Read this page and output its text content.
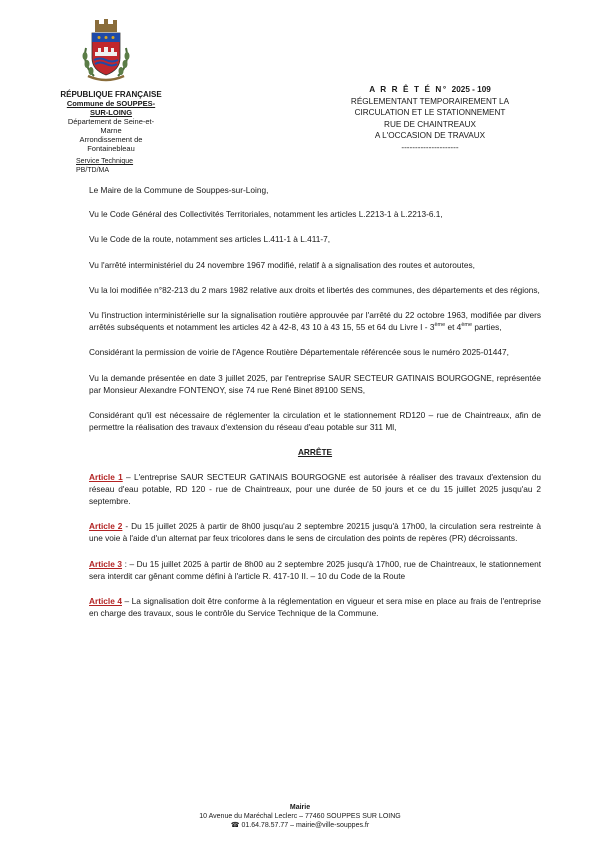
RÉPUBLIQUE FRANÇAISE
Commune de SOUPPES-SUR-LOING
Département de Seine-et-Marne
Arrondissement de Fontainebleau
A R R Ê T É N° 2025 - 109
RÉGLEMENTANT TEMPORAIREMENT LA
CIRCULATION ET LE STATIONNEMENT
RUE DE CHAINTREAUX
A L'OCCASION DE TRAVAUX
---------------------
Service Technique
PB/TD/MA

Le Maire de la Commune de Souppes-sur-Loing,

Vu le Code Général des Collectivités Territoriales, notamment les articles L.2213-1 à L.2213-6.1,

Vu le Code de la route, notamment ses articles L.411-1 à L.411-7,

Vu l'arrêté interministériel du 24 novembre 1967 modifié, relatif à a signalisation des routes et autoroutes,

Vu la loi modifiée n°82-213 du 2 mars 1982 relative aux droits et libertés des communes, des départements et des régions,

Vu l'instruction interministérielle sur la signalisation routière approuvée par l'arrêté du 22 octobre 1963, modifiée par divers arrêtés subséquents et notamment les articles 42 à 42-8, 43 10 à 43 15, 55 et 64 du Livre I - 3ème et 4ème parties,

Considérant la permission de voirie de l'Agence Routière Départementale référencée sous le numéro 2025-01447,

Vu la demande présentée en date 3 juillet 2025, par l'entreprise SAUR SECTEUR GATINAIS BOURGOGNE, représentée par Monsieur Alexandre FONTENOY, sise 74 rue René Binet 89100 SENS,

Considérant qu'il est nécessaire de réglementer la circulation et le stationnement RD120 – rue de Chaintreaux, afin de permettre la réalisation des travaux d'extension du réseau d'eau potable sur 311 Ml,

ARRÊTE

Article 1 – L'entreprise SAUR SECTEUR GATINAIS BOURGOGNE est autorisée à réaliser des travaux d'extension du réseau d'eau potable, RD 120 - rue de Chaintreaux, pour une durée de 50 jours et ce du 15 juillet 2025 jusqu'au 2 septembre.

Article 2 - Du 15 juillet 2025 à partir de 8h00 jusqu'au 2 septembre 20215 jusqu'à 17h00, la circulation sera restreinte à une voie à l'aide d'un alternat par feux tricolores dans le sens de circulation des points de repères (PR) décroissants.

Article 3 : – Du 15 juillet 2025 à partir de 8h00 au 2 septembre 2025 jusqu'à 17h00, rue de Chaintreaux, le stationnement sera interdit car gênant comme défini à l'article R. 417-10 II. – 10 du Code de la Route

Article 4 – La signalisation doit être conforme à la réglementation en vigueur et sera mise en place au frais de l'entreprise en charge des travaux, sous le contrôle du Service Technique de la Commune.

Mairie
10 Avenue du Maréchal Leclerc – 77460 SOUPPES SUR LOING
☎ 01.64.78.57.77 – mairie@ville-souppes.fr
